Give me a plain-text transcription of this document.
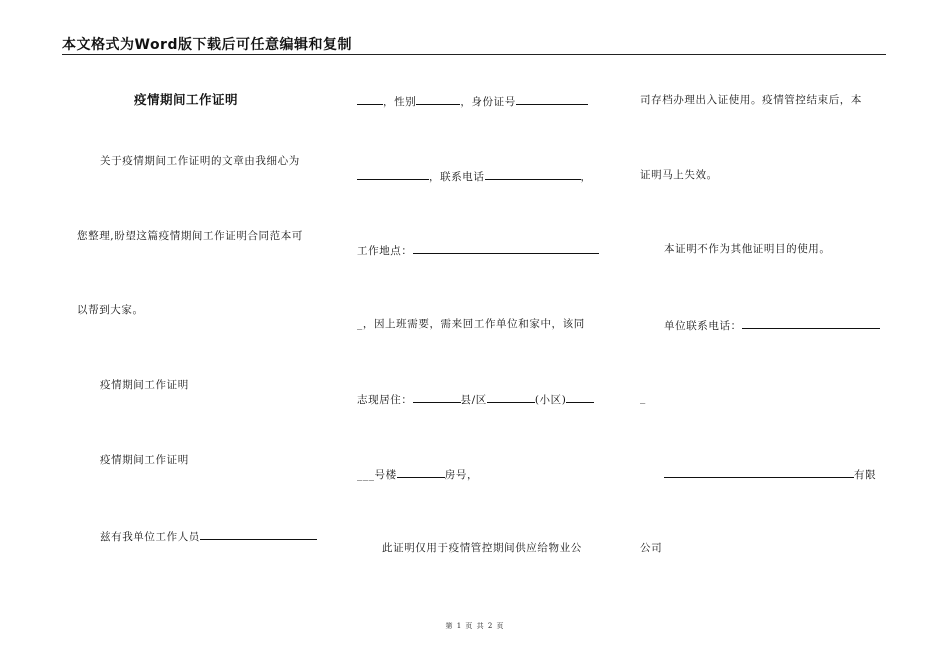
本文格式为Word版下载后可任意编辑和复制
疫情期间工作证明
关于疫情期间工作证明的文章由我细心为
您整理,盼望这篇疫情期间工作证明合同范本可
以帮到大家。
疫情期间工作证明
疫情期间工作证明
兹有我单位工作人员
，性别	，身份证号
，联系电话	，
工作地点：
_，因上班需要，需来回工作单位和家中，该同
志现居住：	县/区	(小区)
___号楼	房号，
此证明仅用于疫情管控期间供应给物业公
司存档办理出入证使用。疫情管控结束后，本
证明马上失效。
本证明不作为其他证明目的使用。
单位联系电话：
_
有限
公司
第 1 页 共 2 页
